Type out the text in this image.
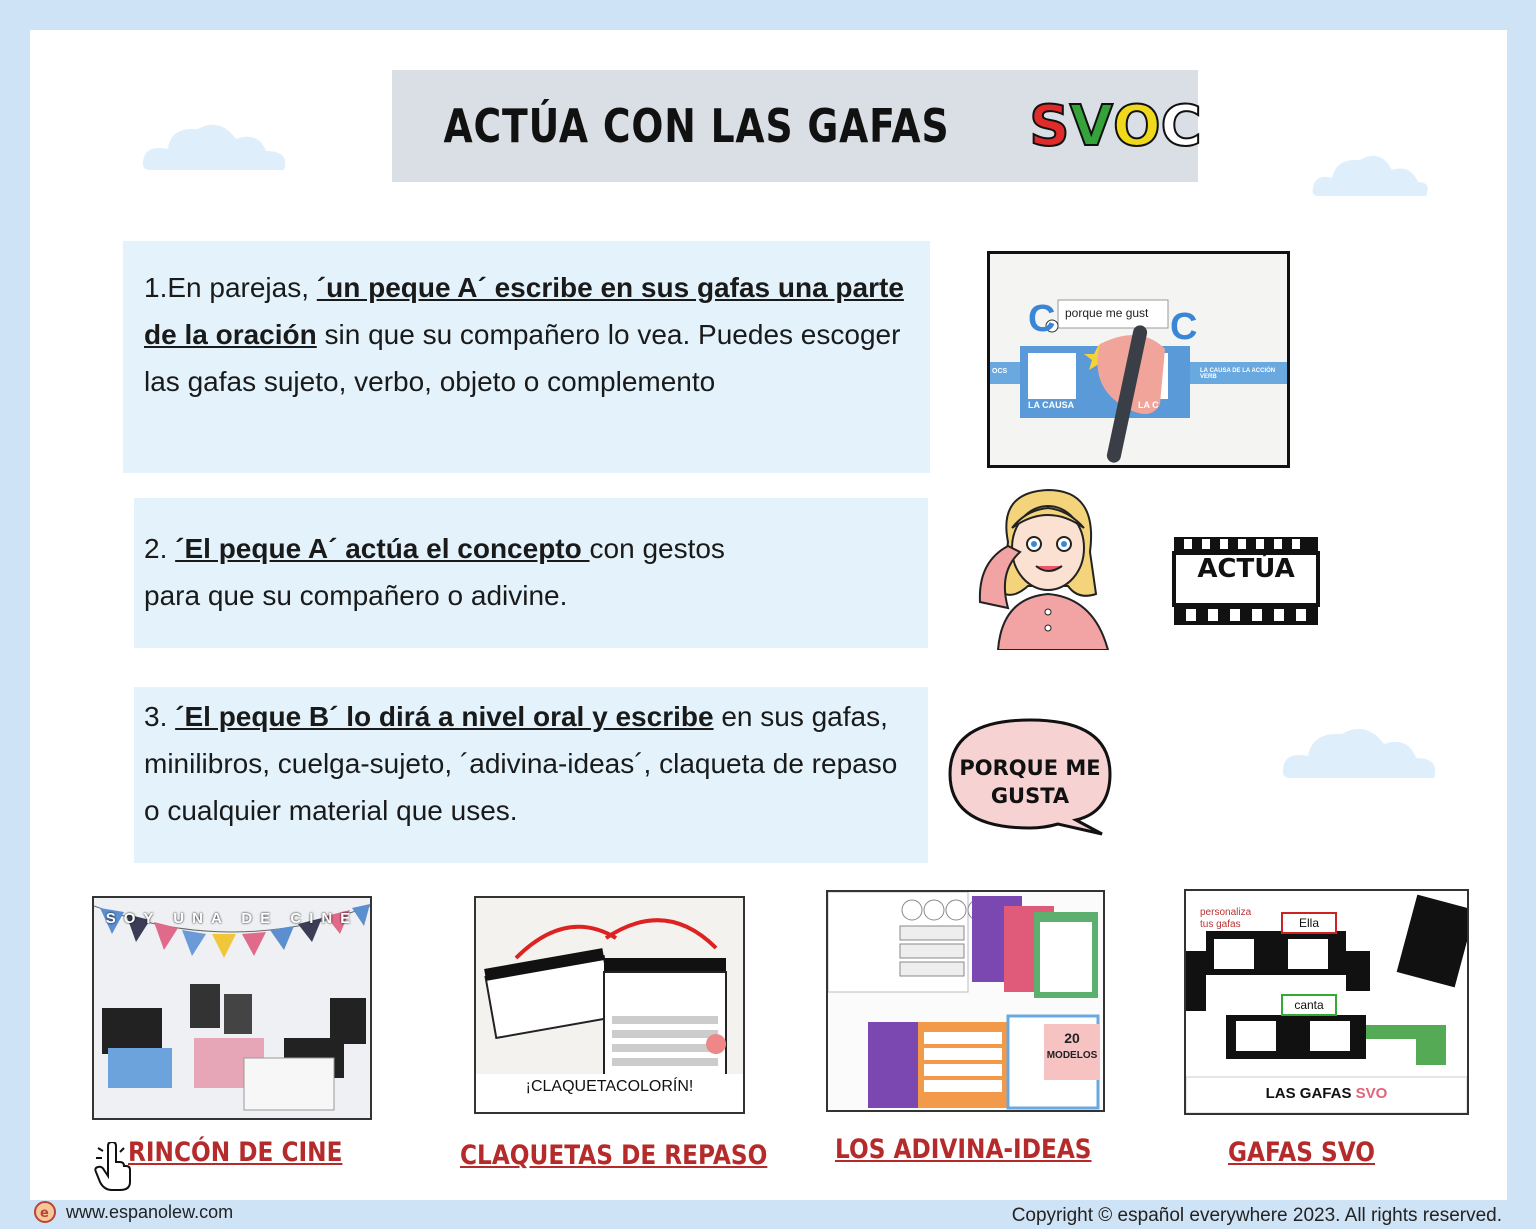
ACTÚA CON LAS GAFAS S V O C
1.En parejas, ´un peque A´ escribe en sus gafas una parte de la oración sin que su compañero lo vea. Puedes escoger las gafas sujeto, verbo, objeto o complemento
2. ´El peque A´ actúa el concepto con gestos para que su compañero o adivine.
3. ´El peque B´ lo dirá a nivel oral y escribe en sus gafas, minilibros, cuelga-sujeto, ´adivina-ideas´, claqueta de repaso o cualquier material que uses.
porque me gust
C	C
LA CAUSA
LA CAUSA DE LA ACCIÓN VERB
OCS
LA C
ACTÚA
PORQUE ME
GUSTA
SOY UNA DE CINE
¡CLAQUETACOLORÍN!
20
MODELOS
personaliza tus gafas	Ella
canta
LAS GAFAS SVO
RINCÓN DE CINE	CLAQUETAS DE REPASO	LOS ADIVINA-IDEAS	GAFAS SVO
e www.espanolew.com	Copyright © español everywhere 2023. All rights reserved.
